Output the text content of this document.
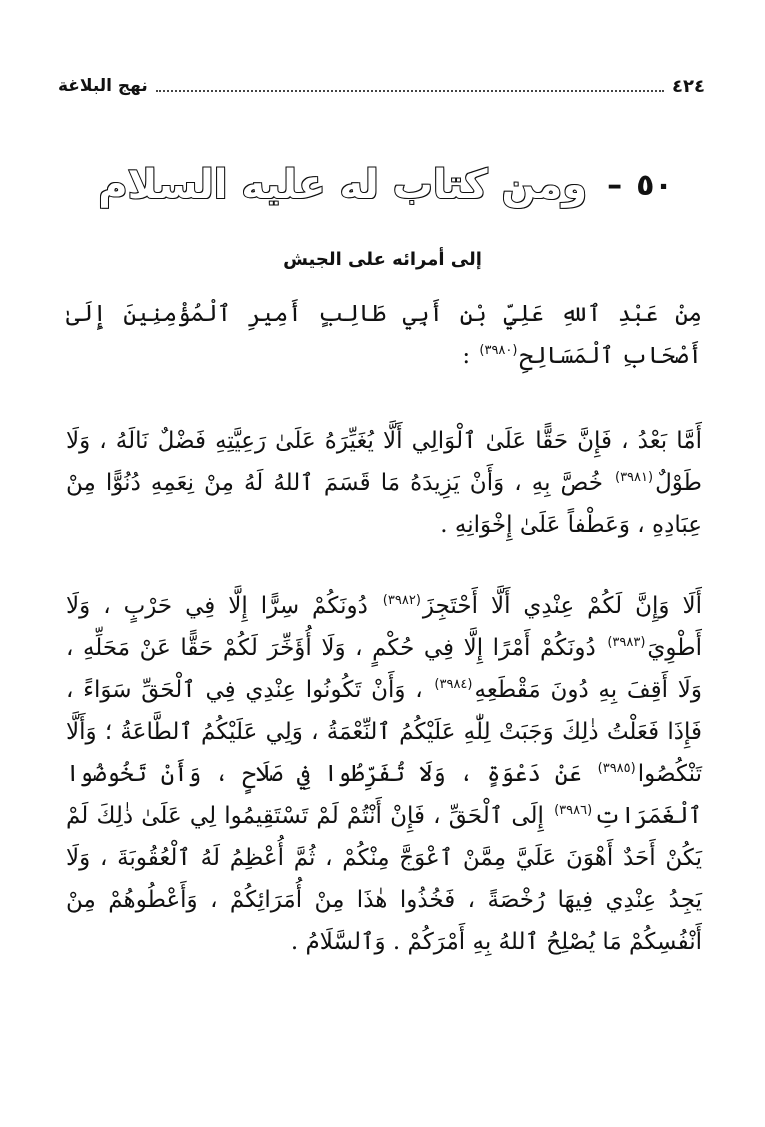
٤٢٤
نهج البلاغة
٥٠
–
ومن كتاب له عليه السلام
إلى أمرائه على الجيش

مِنْ عَبْدِ ٱللهِ عَلِيِّ بْنِ أَبِي طَالِبٍ أَمِيرِ ٱلْمُؤْمِنِينَ إِلَىٰ أَصْحَابِ ٱلْمَسَالِحِ$^{(٣٩٨٠)}$ :

أَمَّا بَعْدُ ، فَإِنَّ حَقًّا عَلَىٰ ٱلْوَالِي أَلَّا يُغَيِّرَهُ عَلَىٰ رَعِيَّتِهِ فَضْلٌ نَالَهُ ، وَلَا طَوْلٌ$^{(٣٩٨١)}$ خُصَّ بِهِ ، وَأَنْ يَزِيدَهُ مَا قَسَمَ ٱللهُ لَهُ مِنْ نِعَمِهِ دُنُوًّا مِنْ عِبَادِهِ ، وَعَطْفاً عَلَىٰ إِخْوَانِهِ .

أَلَا وَإِنَّ لَكُمْ عِنْدِي أَلَّا أَحْتَجِزَ$^{(٣٩٨٢)}$ دُونَكُمْ سِرًّا إِلَّا فِي حَرْبٍ ، وَلَا أَطْوِيَ$^{(٣٩٨٣)}$ دُونَكُمْ أَمْرًا إِلَّا فِي حُكْمٍ ، وَلَا أُؤَخِّرَ لَكُمْ حَقًّا عَنْ مَحَلِّهِ ، وَلَا أَقِفَ بِهِ دُونَ مَقْطَعِهِ$^{(٣٩٨٤)}$ ، وَأَنْ تَكُونُوا عِنْدِي فِي ٱلْحَقِّ سَوَاءً ، فَإِذَا فَعَلْتُ ذٰلِكَ وَجَبَتْ لِلّٰهِ عَلَيْكُمُ ٱلنِّعْمَةُ ، وَلِي عَلَيْكُمُ ٱلطَّاعَةُ ؛ وَأَلَّا تَنْكُصُوا$^{(٣٩٨٥)}$ عَنْ دَعْوَةٍ ، وَلَا تُفَرِّطُوا فِي صَلَاحٍ ، وَأَنْ تَخُوضُوا ٱلْغَمَرَاتِ$^{(٣٩٨٦)}$ إِلَى ٱلْحَقِّ ، فَإِنْ أَنْتُمْ لَمْ تَسْتَقِيمُوا لِي عَلَىٰ ذٰلِكَ لَمْ يَكُنْ أَحَدٌ أَهْوَنَ عَلَيَّ مِمَّنْ ٱعْوَجَّ مِنْكُمْ ، ثُمَّ أُعْظِمُ لَهُ ٱلْعُقُوبَةَ ، وَلَا يَجِدُ عِنْدِي فِيهَا رُخْصَةً ، فَخُذُوا هٰذَا مِنْ أُمَرَائِكُمْ ، وَأَعْطُوهُمْ مِنْ أَنْفُسِكُمْ مَا يُصْلِحُ ٱللهُ بِهِ أَمْرَكُمْ . وَٱلسَّلَامُ .
